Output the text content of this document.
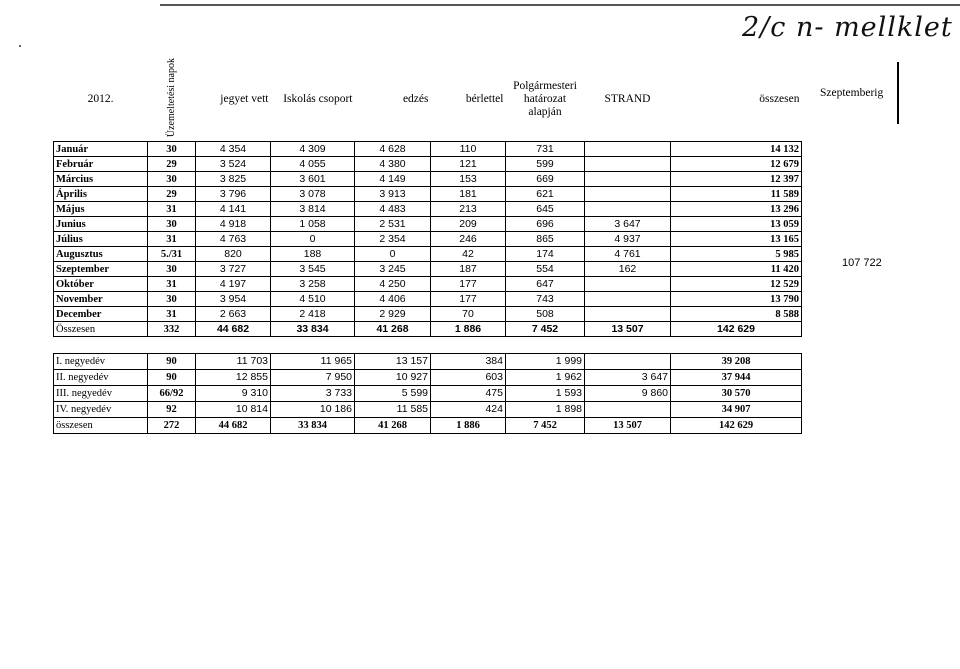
2/c n- mellklet
2012.	Üzemeltetési napok	jegyet vett	Iskolás csoport	edzés	bérlettel	Polgármesteri határozat alapján	STRAND	összesen
Január	30	4 354	4 309	4 628	110	731		14 132
Február	29	3 524	4 055	4 380	121	599		12 679
Március	30	3 825	3 601	4 149	153	669		12 397
Április	29	3 796	3 078	3 913	181	621		11 589
Május	31	4 141	3 814	4 483	213	645		13 296
Junius	30	4 918	1 058	2 531	209	696	3 647	13 059
Július	31	4 763	0	2 354	246	865	4 937	13 165
Augusztus	5./31	820	188	0	42	174	4 761	5 985
Szeptember	30	3 727	3 545	3 245	187	554	162	11 420
Október	31	4 197	3 258	4 250	177	647		12 529
November	30	3 954	4 510	4 406	177	743		13 790
December	31	2 663	2 418	2 929	70	508		8 588
Összesen	332	44 682	33 834	41 268	1 886	7 452	13 507	142 629
Szeptemberig
107 722
I. negyedév	90	11 703	11 965	13 157	384	1 999		39 208
II. negyedév	90	12 855	7 950	10 927	603	1 962	3 647	37 944
III. negyedév	66/92	9 310	3 733	5 599	475	1 593	9 860	30 570
IV. negyedév	92	10 814	10 186	11 585	424	1 898		34 907
összesen	272	44 682	33 834	41 268	1 886	7 452	13 507	142 629
